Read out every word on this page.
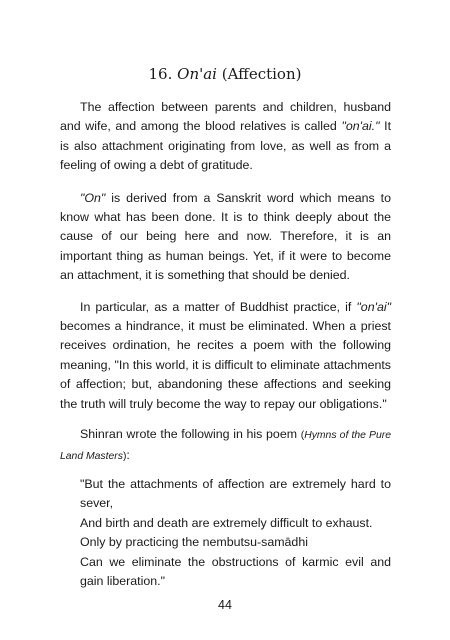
16. On'ai (Affection)

The affection between parents and children, husband and wife, and among the blood relatives is called "on'ai." It is also attachment originating from love, as well as from a feeling of owing a debt of gratitude.

"On" is derived from a Sanskrit word which means to know what has been done. It is to think deeply about the cause of our being here and now. Therefore, it is an important thing as human beings. Yet, if it were to become an attachment, it is something that should be denied.

In particular, as a matter of Buddhist practice, if "on'ai" becomes a hindrance, it must be eliminated. When a priest receives ordination, he recites a poem with the following meaning, "In this world, it is difficult to eliminate attachments of affection; but, abandoning these affections and seeking the truth will truly become the way to repay our obligations."

Shinran wrote the following in his poem (Hymns of the Pure Land Masters):

"But the attachments of affection are extremely hard to sever,
And birth and death are extremely difficult to exhaust.
Only by practicing the nembutsu-samādhi
Can we eliminate the obstructions of karmic evil and gain liberation."
44
